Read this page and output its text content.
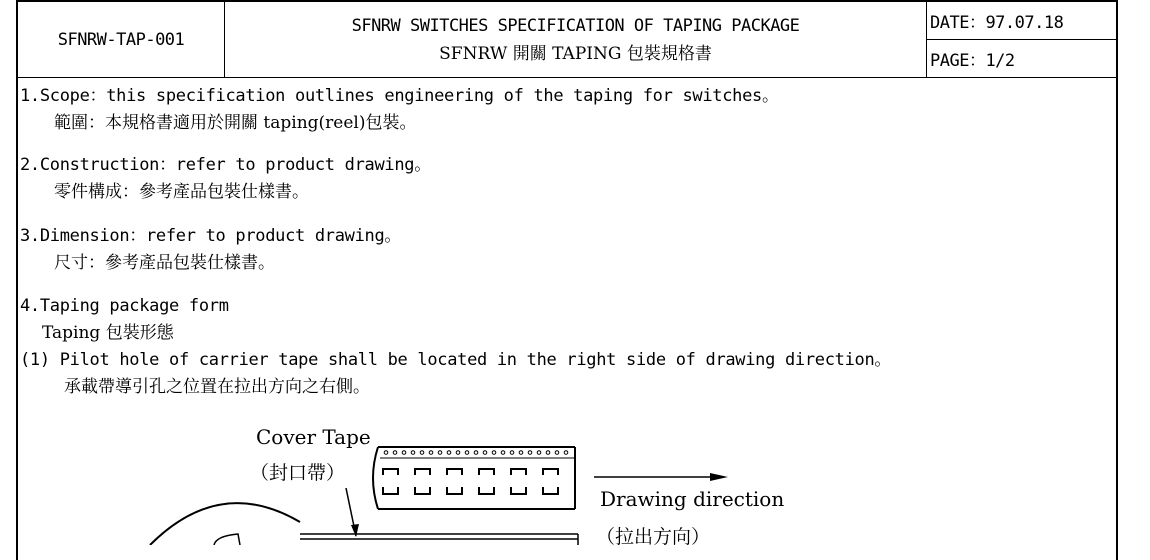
SFNRW-TAP-001
SFNRW SWITCHES SPECIFICATION OF TAPING PACKAGE
SFNRW 開關 TAPING 包裝規格書
DATE：97.07.18
PAGE：1/2
1.Scope：this specification outlines engineering of the taping for switches。
範圍：本規格書適用於開關 taping(reel)包裝。
2.Construction：refer to product drawing。
零件構成：參考產品包裝仕樣書。
3.Dimension：refer to product drawing。
尺寸：參考產品包裝仕樣書。
4.Taping package form
Taping 包裝形態
(1) Pilot hole of carrier tape shall be located in the right side of drawing direction。
承載帶導引孔之位置在拉出方向之右側。
Cover Tape
（封口帶）
Drawing direction
（拉出方向）
